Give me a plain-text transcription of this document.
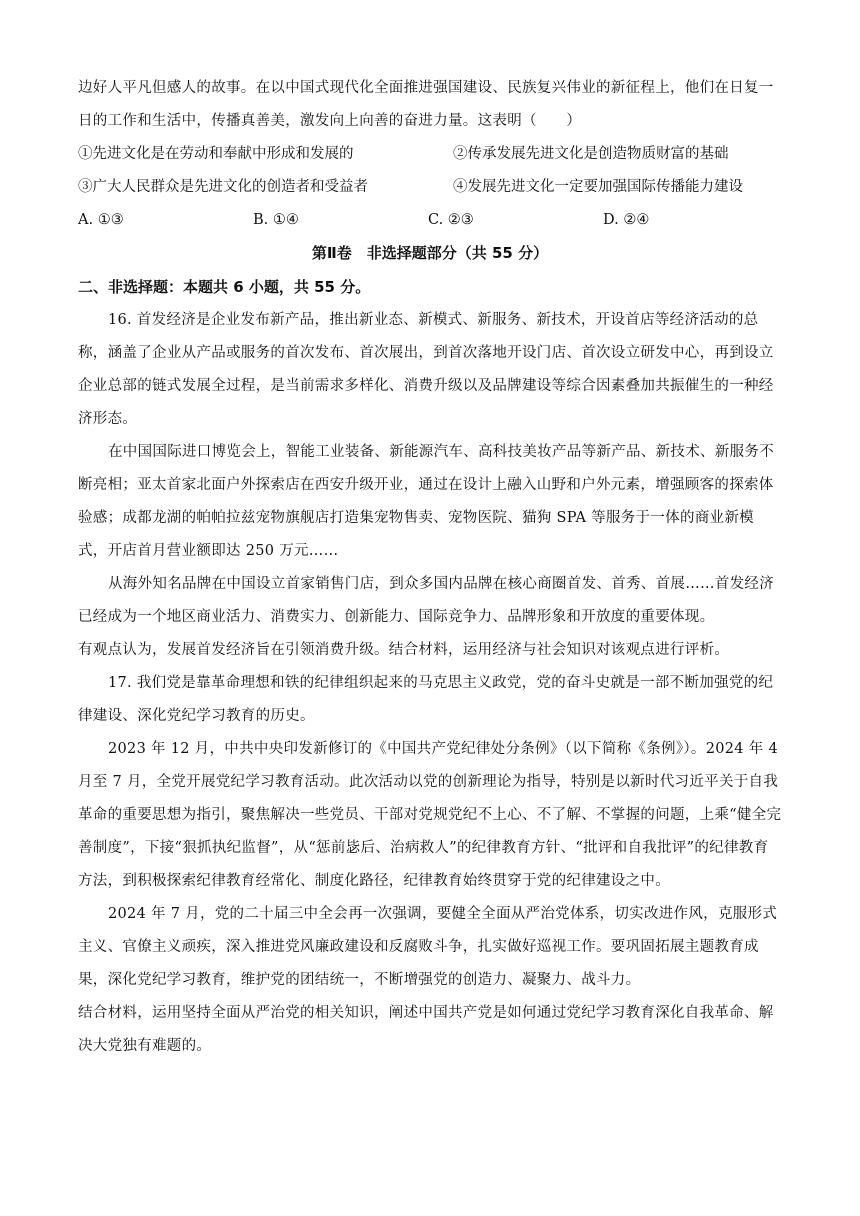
边好人平凡但感人的故事。在以中国式现代化全面推进强国建设、民族复兴伟业的新征程上，他们在日复一日的工作和生活中，传播真善美，激发向上向善的奋进力量。这表明（　　）

①先进文化是在劳动和奉献中形成和发展的	②传承发展先进文化是创造物质财富的基础
③广大人民群众是先进文化的创造者和受益者	④发展先进文化一定要加强国际传播能力建设
A. ①③	B. ①④	C. ②③	D. ②④
第Ⅱ卷　非选择题部分（共 55 分）
二、非选择题：本题共 6 小题，共 55 分。

16. 首发经济是企业发布新产品，推出新业态、新模式、新服务、新技术，开设首店等经济活动的总称，涵盖了企业从产品或服务的首次发布、首次展出，到首次落地开设门店、首次设立研发中心，再到设立企业总部的链式发展全过程，是当前需求多样化、消费升级以及品牌建设等综合因素叠加共振催生的一种经济形态。

在中国国际进口博览会上，智能工业装备、新能源汽车、高科技美妆产品等新产品、新技术、新服务不断亮相；亚太首家北面户外探索店在西安升级开业，通过在设计上融入山野和户外元素，增强顾客的探索体验感；成都龙湖的帕帕拉兹宠物旗舰店打造集宠物售卖、宠物医院、猫狗 SPA 等服务于一体的商业新模式，开店首月营业额即达 250 万元……

从海外知名品牌在中国设立首家销售门店，到众多国内品牌在核心商圈首发、首秀、首展……首发经济已经成为一个地区商业活力、消费实力、创新能力、国际竞争力、品牌形象和开放度的重要体现。

有观点认为，发展首发经济旨在引领消费升级。结合材料，运用经济与社会知识对该观点进行评析。

17. 我们党是靠革命理想和铁的纪律组织起来的马克思主义政党，党的奋斗史就是一部不断加强党的纪律建设、深化党纪学习教育的历史。

2023 年 12 月，中共中央印发新修订的《中国共产党纪律处分条例》（以下简称《条例》）。2024 年 4 月至 7 月，全党开展党纪学习教育活动。此次活动以党的创新理论为指导，特别是以新时代习近平关于自我革命的重要思想为指引，聚焦解决一些党员、干部对党规党纪不上心、不了解、不掌握的问题，上乘“健全完善制度”，下接“狠抓执纪监督”，从“惩前毖后、治病救人”的纪律教育方针、“批评和自我批评”的纪律教育方法，到积极探索纪律教育经常化、制度化路径，纪律教育始终贯穿于党的纪律建设之中。

2024 年 7 月，党的二十届三中全会再一次强调，要健全全面从严治党体系，切实改进作风，克服形式主义、官僚主义顽疾，深入推进党风廉政建设和反腐败斗争，扎实做好巡视工作。要巩固拓展主题教育成果，深化党纪学习教育，维护党的团结统一，不断增强党的创造力、凝聚力、战斗力。

结合材料，运用坚持全面从严治党的相关知识，阐述中国共产党是如何通过党纪学习教育深化自我革命、解决大党独有难题的。
